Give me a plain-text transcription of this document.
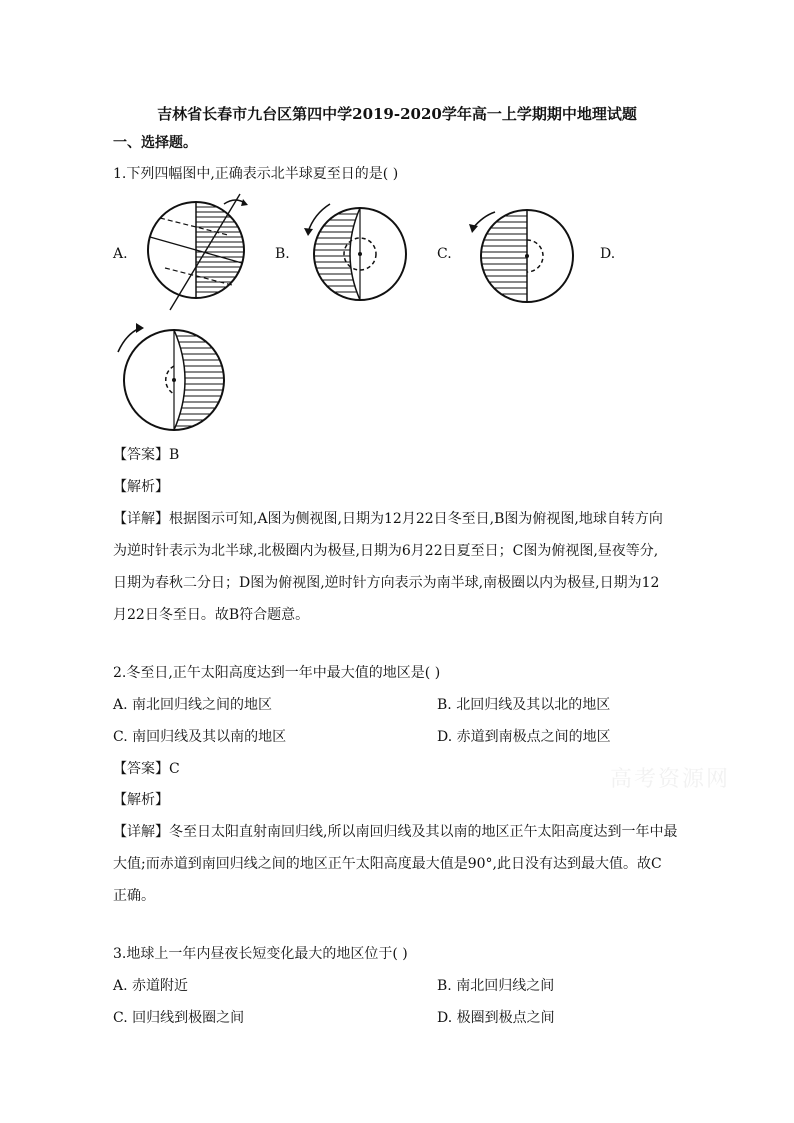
吉林省长春市九台区第四中学2019-2020学年高一上学期期中地理试题
一、选择题。
1.下列四幅图中,正确表示北半球夏至日的是( )
A.	B.	C.	D.
【答案】B
【解析】
【详解】根据图示可知,A图为侧视图,日期为12月22日冬至日,B图为俯视图,地球自转方向
为逆时针表示为北半球,北极圈内为极昼,日期为6月22日夏至日；C图为俯视图,昼夜等分,
日期为春秋二分日；D图为俯视图,逆时针方向表示为南半球,南极圈以内为极昼,日期为12
月22日冬至日。故B符合题意。
2.冬至日,正午太阳高度达到一年中最大值的地区是( )
A. 南北回归线之间的地区	B. 北回归线及其以北的地区
C. 南回归线及其以南的地区	D. 赤道到南极点之间的地区
【答案】C
【解析】
【详解】冬至日太阳直射南回归线,所以南回归线及其以南的地区正午太阳高度达到一年中最
大值;而赤道到南回归线之间的地区正午太阳高度最大值是90°,此日没有达到最大值。故C
正确。
高考资源网
3.地球上一年内昼夜长短变化最大的地区位于( )
A. 赤道附近	B. 南北回归线之间
C. 回归线到极圈之间	D. 极圈到极点之间
